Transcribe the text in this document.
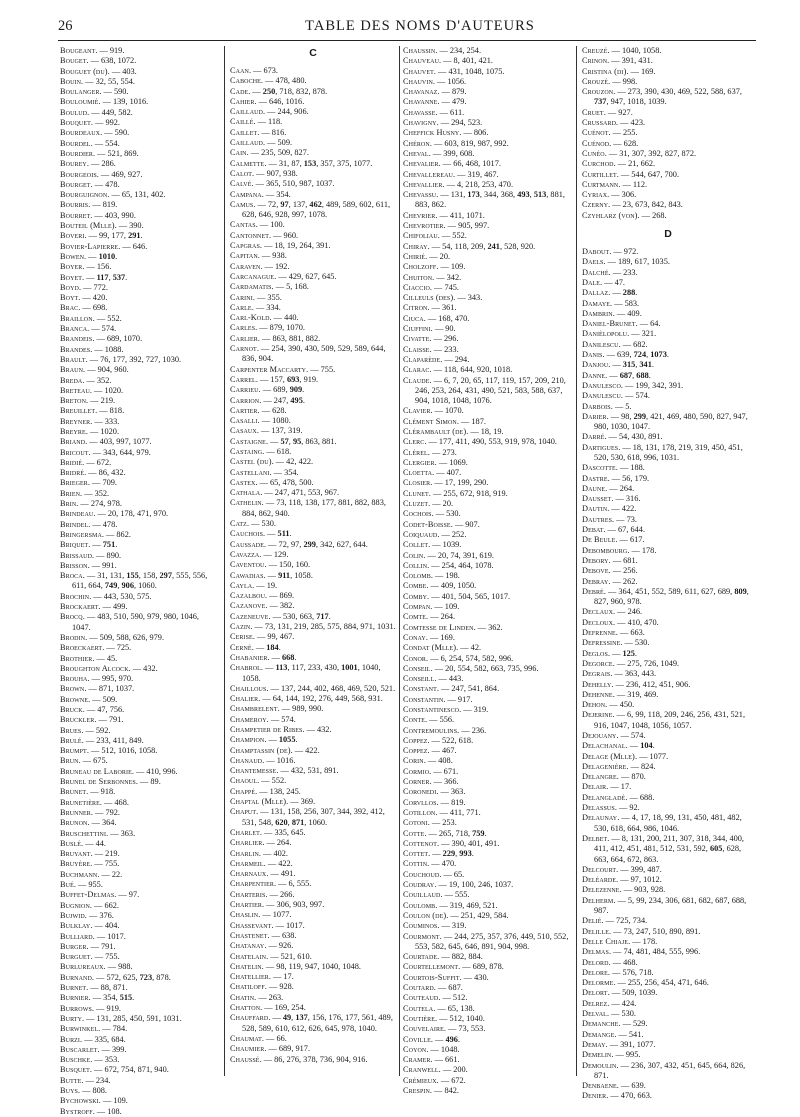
26	TABLE DES NOMS D'AUTEURS
Bougeant. — 919.
Bouget. — 638, 1072.
Bouguet (du). — 403.
Bouin. — 32, 55, 554.
Boulanger. — 590.
Bouloumié. — 139, 1016.
Boulud. — 449, 582.
Bouquet. — 992.
Bourdeaux. — 590.
Bourdel. — 554.
Bourdier. — 521, 869.
Bourey. — 286.
Bourgeois. — 469, 927.
Bourget. — 478.
Bourguignon. — 65, 131, 402.
Bourris. — 819.
Bourret. — 403, 990.
Bouteil (Mlle). — 390.
Boveri. — 99, 177, 291.
Bovier-Lapierre. — 646.
Bowen. — 1010.
Boyer. — 156.
Boyet. — 117, 537.
Boyd. — 772.
Boyt. — 420.
Brac. — 698.
Braillon. — 552.
Branca. — 574.
Brandeis. — 689, 1070.
Brandes. — 1088.
Brault. — 76, 177, 392, 727, 1030.
Braun. — 904, 960.
Breda. — 352.
Breteau. — 1020.
Breton. — 219.
Breuillet. — 818.
Breyner. — 333.
Breyre. — 1020.
Briand. — 403, 997, 1077.
Bricout. — 343, 644, 979.
Bridié. — 672.
Bridré. — 86, 432.
Brieger. — 709.
Brien. — 352.
Brin. — 274, 978.
Brindeau. — 20, 178, 471, 970.
Brindel. — 478.
Bringersma. — 862.
Briquet. — 751.
Brissaud. — 890.
Brisson. — 991.
Broca. — 31, 131, 155, 158, 297, 555, 556, 611, 664, 749, 906, 1060.
Brochin. — 443, 530, 575.
Brockaert. — 499.
Brocq. — 483, 510, 590, 979, 980, 1046, 1047.
Brodin. — 509, 588, 626, 979.
Broeckaert. — 725.
Brothier. — 45.
Broughton Alcock. — 432.
Brouha. — 995, 970.
Brown. — 871, 1037.
Browne. — 509.
Bruck. — 47, 756.
Bruckler. — 791.
Brues. — 592.
Brulé. — 233, 411, 849.
Brumpt. — 512, 1016, 1058.
Brun. — 675.
Bruneau de Laborie. — 410, 996.
Brunel de Serbonnes. — 89.
Brunet. — 918.
Brunetière. — 468.
Brunner. — 792.
Brunon. — 364.
Bruschettini. — 363.
Buslé. — 44.
Bruyant. — 219.
Bruyère. — 755.
Buchmann. — 22.
Bué. — 955.
Buffet-Delmas. — 97.
Bugnion. — 662.
Bujwid. — 376.
Bulklay. — 404.
Bulliard. — 1017.
Burger. — 791.
Burguet. — 755.
Burlureaux. — 988.
Burnand. — 572, 625, 723, 878.
Burnet. — 88, 871.
Burnier. — 354, 515.
Burrows. — 919.
Burty. — 131, 285, 450, 591, 1031.
Burwinkel. — 784.
Burzi. — 335, 684.
Buscarlet. — 399.
Buschke. — 353.
Busquet. — 672, 754, 871, 940.
Butte. — 234.
Buys. — 808.
Bychowski. — 109.
Bystroff. — 108.
C
Caan. — 673.
Caboche. — 478, 480.
Cade. — 250, 718, 832, 878.
Cahier. — 646, 1016.
Caillaud. — 244, 906.
Caillé. — 118.
Caillet. — 816.
Caillaud. — 509.
Cain. — 235, 509, 827.
Calmette. — 31, 87, 153, 357, 375, 1077.
Calot. — 907, 938.
Calvé. — 365, 510, 987, 1037.
Campana. — 354.
Camus. — 72, 97, 137, 462, 489, 589, 602, 611, 628, 646, 928, 997, 1078.
Cantas. — 100.
Cantonnet. — 960.
Capgras. — 18, 19, 264, 391.
Capitan. — 938.
Caraven. — 192.
Carcanague. — 429, 627, 645.
Cardamatis. — 5, 168.
Carini. — 355.
Carle. — 334.
Carl-Kold. — 440.
Carles. — 879, 1070.
Carlier. — 863, 881, 882.
Carnot. — 254, 390, 430, 509, 529, 589, 644, 836, 904.
Carpenter Maccarty. — 755.
Carrel. — 157, 693, 919.
Carrieu. — 689, 909.
Carrion. — 247, 495.
Cartier. — 628.
Casalli. — 1080.
Casaux. — 137, 319.
Castaigne. — 57, 95, 863, 881.
Castaing. — 618.
Castel (du). — 42, 422.
Castellani. — 354.
Castex. — 65, 478, 500.
Cathala. — 247, 471, 553, 967.
Cathelin. — 73, 118, 138, 177, 881, 882, 883, 884, 862, 940.
Catz. — 530.
Cauchois. — 511.
Caussade. — 72, 97, 299, 342, 627, 644.
Cavazza. — 129.
Caventou. — 150, 160.
Cawadias. — 911, 1058.
Cayla. — 19.
Cazalbou. — 869.
Cazanove. — 382.
Cazeneuve. — 530, 663, 717.
Cazin. — 73, 131, 219, 285, 575, 884, 971, 1031.
Cerise. — 99, 467.
Cerné. — 184.
Chabanier. — 668.
Chabrol. — 113, 117, 233, 430, 1001, 1040, 1058.
Chaillous. — 137, 244, 402, 468, 469, 520, 521.
Chalier. — 64, 144, 192, 276, 449, 568, 931.
Chambrelent. — 989, 990.
Chameroy. — 574.
Champetier de Ribes. — 432.
Champion. — 1055.
Champtassin (de). — 422.
Chanaud. — 1016.
Chantemesse. — 432, 531, 891.
Chaoul. — 552.
Chappé. — 138, 245.
Chaptal (Mlle). — 369.
Chaput. — 131, 158, 256, 307, 344, 392, 412, 531, 548, 620, 871, 1060.
Charlet. — 335, 645.
Charlier. — 264.
Charlin. — 402.
Charmeil. — 422.
Charnaux. — 491.
Charpentier. — 6, 555.
Charteris. — 266.
Chartier. — 306, 903, 997.
Chaslin. — 1077.
Chassevant. — 1017.
Chastenet. — 638.
Chatanay. — 926.
Chatelain. — 521, 610.
Chatelin. — 98, 119, 947, 1040, 1048.
Chatellier. — 17.
Chatiloff. — 928.
Chatin. — 263.
Chatton. — 169, 254.
Chauffard. — 49, 137, 156, 176, 177, 561, 489, 528, 589, 610, 612, 626, 645, 978, 1040.
Chaumat. — 66.
Chaumier. — 689, 917.
Chaussé. — 86, 276, 378, 736, 904, 916.
Chaussin. — 234, 254.
Chauveau. — 8, 401, 421.
Chauvet. — 431, 1048, 1075.
Chauvin. — 1056.
Chavanaz. — 879.
Chavanne. — 479.
Chavasse. — 611.
Chavigny. — 294, 523.
Cheffick Husny. — 806.
Chéron. — 603, 819, 987, 992.
Cheval. — 399, 608.
Chevalier. — 66, 468, 1017.
Chevallereau. — 319, 467.
Chevallier. — 4, 218, 253, 470.
Chevassu. — 131, 173, 344, 368, 493, 513, 881, 883, 862.
Chevrier. — 411, 1071.
Chevrotier. — 905, 997.
Chifoliau. — 552.
Chiray. — 54, 118, 209, 241, 528, 920.
Chirié. — 20.
Cholzoff. — 109.
Chuiton. — 342.
Ciaccio. — 745.
Cilleuls (des). — 343.
Citron. — 361.
Ciuca. — 168, 470.
Ciuffini. — 90.
Civatte. — 296.
Claisse. — 233.
Claparède. — 294.
Clarac. — 118, 644, 920, 1018.
Claude. — 6, 7, 20, 65, 117, 119, 157, 209, 210, 246, 253, 264, 431, 490, 521, 583, 588, 637, 904, 1018, 1048, 1076.
Clavier. — 1070.
Clément Simon. — 187.
Clérambault (de). — 18, 19.
Clerc. — 177, 411, 490, 553, 919, 978, 1040.
Clérel. — 273.
Clergier. — 1069.
Cloetta. — 407.
Closier. — 17, 199, 290.
Clunet. — 255, 672, 918, 919.
Cluzet. — 20.
Cochois. — 530.
Codet-Boisse. — 907.
Coiquaud. — 252.
Collet. — 1039.
Colin. — 20, 74, 391, 619.
Collin. — 254, 464, 1078.
Colomb. — 198.
Combe. — 409, 1050.
Comby. — 401, 504, 565, 1017.
Compan. — 109.
Comte. — 264.
Comtesse de Linden. — 362.
Conay. — 169.
Condat (Mlle). — 42.
Conor. — 6, 254, 574, 582, 996.
Conseil. — 20, 554, 582, 663, 735, 996.
Conseill. — 443.
Constant. — 247, 541, 864.
Constantin. — 917.
Constantinesco. — 319.
Conte. — 556.
Contremoulins. — 236.
Coppez. — 522, 618.
Coppez. — 467.
Corin. — 408.
Cormio. — 671.
Corner. — 366.
Coronedi. — 363.
Corvllos. — 819.
Cotillon. — 411, 771.
Cotoni. — 253.
Cotte. — 265, 718, 759.
Cottenot. — 390, 401, 491.
Cottet. — 229, 993.
Cottin. — 470.
Couchoud. — 65.
Coudray. — 19, 100, 246, 1037.
Couillaud. — 555.
Coulomb. — 319, 469, 521.
Coulon (de). — 251, 429, 584.
Couminos. — 319.
Courmont. — 244, 275, 357, 376, 449, 510, 552, 553, 582, 645, 646, 891, 904, 998.
Courtade. — 882, 884.
Courtellemont. — 689, 878.
Courtois-Suffit. — 430.
Coutard. — 687.
Couteaud. — 512.
Coutela. — 65, 138.
Coutière. — 512, 1040.
Couvelaire. — 73, 553.
Coville. — 496.
Coyon. — 1048.
Cramer. — 661.
Cranwell. — 200.
Crémieux. — 672.
Crespin. — 842.
Creuzé. — 1040, 1058.
Crinon. — 391, 431.
Cristina (di). — 169.
Crouzé. — 998.
Crouzon. — 273, 390, 430, 469, 522, 588, 637, 737, 947, 1018, 1039.
Cruet. — 927.
Crussard. — 423.
Cuénot. — 255.
Cuénod. — 628.
Cunéo. — 31, 307, 392, 827, 872.
Curchod. — 21, 662.
Curtillet. — 544, 647, 700.
Curtmann. — 112.
Cyriax. — 306.
Czerny. — 23, 673, 842, 843.
Czyhlarz (von). — 268.
D
Dabout. — 972.
Daels. — 189, 617, 1035.
Dalché. — 233.
Dale. — 47.
Dallaz. — 288.
Damaye. — 583.
Dambrin. — 409.
Daniel-Brunet. — 64.
Danièlopolu. — 321.
Danilescu. — 682.
Danis. — 639, 724, 1073.
Danjou. — 315, 341.
Danne. — 687, 688.
Danulesco. — 199, 342, 391.
Danulescu. — 574.
Darbois. — 5.
Darier. — 98, 299, 421, 469, 480, 590, 827, 947, 980, 1030, 1047.
Darré. — 54, 430, 891.
Dartigues. — 18, 131, 178, 219, 319, 450, 451, 520, 530, 618, 996, 1031.
Dascotte. — 188.
Dastre. — 56, 179.
Daune. — 264.
Dausset. — 316.
Dautin. — 422.
Dautres. — 73.
Debat. — 67, 644.
De Beule. — 617.
Debombourg. — 178.
Debory. — 681.
Debove. — 256.
Debray. — 262.
Debré. — 364, 451, 552, 589, 611, 627, 689, 809, 827, 960, 978.
Declaux. — 246.
Decloux. — 410, 470.
Defrenne. — 663.
Defressine. — 530.
Deglos. — 125.
Degorce. — 275, 726, 1049.
Degrais. — 363, 443.
Dehelly. — 236, 412, 451, 906.
Dehenne. — 319, 469.
Dehon. — 450.
Dejerine. — 6, 99, 118, 209, 246, 256, 431, 521, 916, 1047, 1048, 1056, 1057.
Dejouany. — 574.
Delachanal. — 104.
Delage (Mlle). — 1077.
Delagenière. — 824.
Delangre. — 870.
Delair. — 17.
Delangladé. — 688.
Delassus. — 92.
Delaunay. — 4, 17, 18, 99, 131, 450, 481, 482, 530, 618, 664, 986, 1046.
Delbet. — 8, 131, 200, 211, 307, 318, 344, 400, 411, 412, 451, 481, 512, 531, 592, 605, 628, 663, 664, 672, 863.
Delcourt. — 399, 487.
Deléarde. — 97, 1012.
Delezenne. — 903, 928.
Delherm. — 5, 99, 234, 306, 681, 682, 687, 688, 987.
Delié. — 725, 734.
Delille. — 73, 247, 510, 890, 891.
Delle Chiaje. — 178.
Delmas. — 74, 481, 484, 555, 996.
Delord. — 468.
Delore. — 576, 718.
Delorme. — 255, 256, 454, 471, 646.
Delort. — 509, 1039.
Delrez. — 424.
Delval. — 530.
Demanche. — 529.
Demange. — 541.
Demay. — 391, 1077.
Demelin. — 995.
Demoulin. — 236, 307, 432, 451, 645, 664, 826, 871.
Denbaene. — 639.
Denier. — 470, 663.
